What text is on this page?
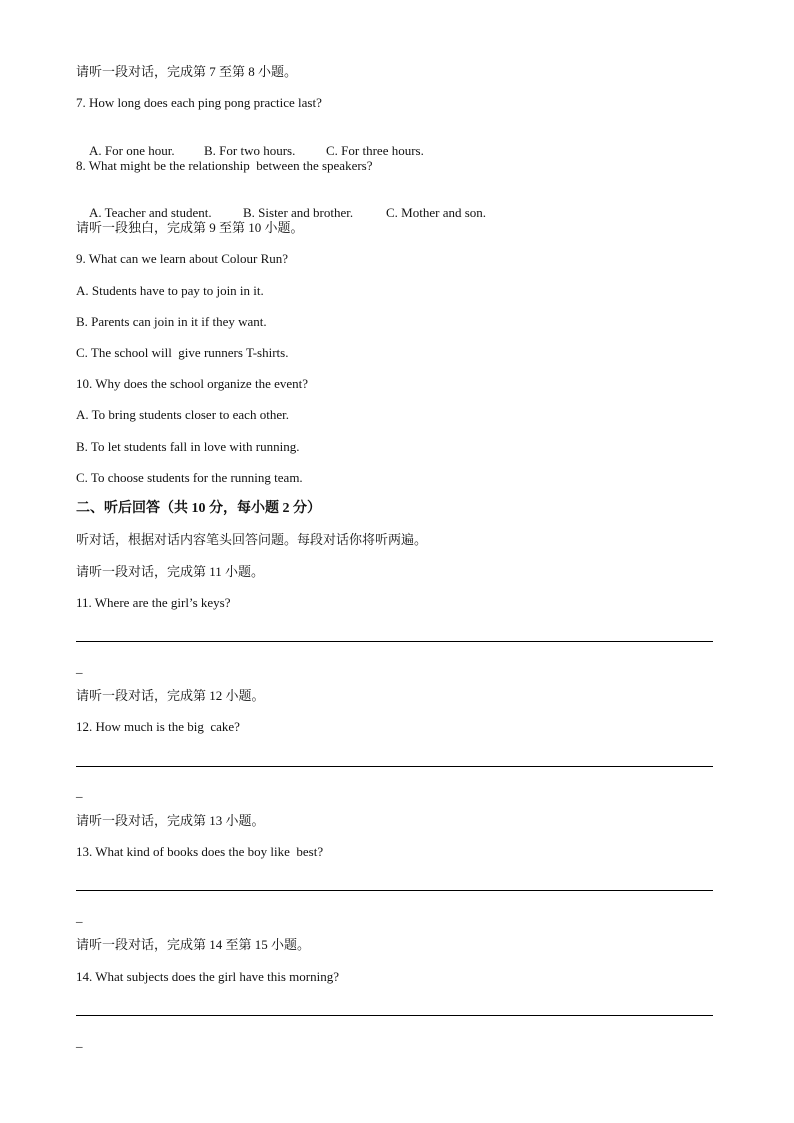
请听一段对话，完成第 7 至第 8 小题。
7. How long does each ping pong practice last?

A. For one hour. B. For two hours. C. For three hours.

8. What might be the relationship  between the speakers?

A. Teacher and student. B. Sister and brother.	C. Mother and son.

请听一段独白，完成第 9 至第 10 小题。
9. What can we learn about Colour Run?
A. Students have to pay to join in it.
B. Parents can join in it if they want.
C. The school will  give runners T-shirts.
10. Why does the school organize the event?
A. To bring students closer to each other.
B. To let students fall in love with running.
C. To choose students for the running team.
二、听后回答（共 10 分，每小题 2 分）
听对话，根据对话内容笔头回答问题。每段对话你将听两遍。
请听一段对话，完成第 11 小题。
11. Where are the girl’s keys?
_
请听一段对话，完成第 12 小题。
12. How much is the big  cake?
_
请听一段对话，完成第 13 小题。
13. What kind of books does the boy like  best?
_
请听一段对话，完成第 14 至第 15 小题。
14. What subjects does the girl have this morning?
_
